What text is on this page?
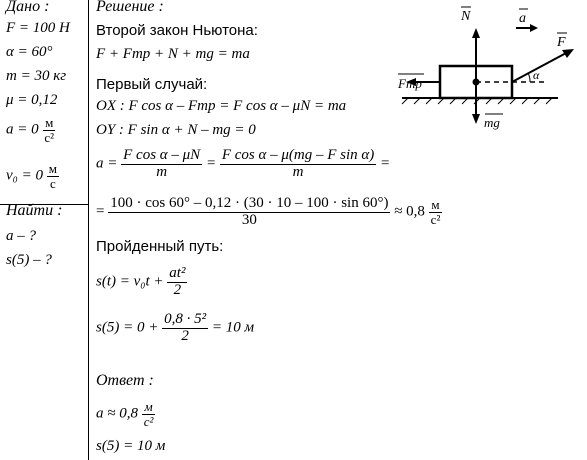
Дано :	Решение :
Найти :
Ответ :
F = 100 Н
α = 60°
m = 30 кг
μ = 0,12
$a = 0 \frac{м}{\text{с²}}$
$v_0 = 0 \frac{м}{с}$
a – ?
s(5) – ?
Второй закон Ньютона:
F + Fтр + N + mg = ma
Первый случай:
OX : F cos α – Fтр = F cos α – μN = ma
OY : F sin α + N – mg = 0
$a = \frac{\text{F cos α – μN}}{m} = \frac{\text{F cos α – μ(mg – F sin α)}}{m}$ =
= $\frac{100 \cdot \cos 60^\circ - 0,12 \cdot (30 \cdot 10 - 100 \cdot \sin 60^\circ)}{30} \approx 0,8 \frac{м}{\text{с²}}$
Пройденный путь:
$s(t) = v_0t + \frac{\text{at²}}{2}$
$s(5) = 0 + \frac{\text{0,8 · 5²}}{2} = 10$ м
$a \approx 0,8 \frac{м}{\text{с²}}$
s(5) = 10 м
N
F
a
α
Fтр
mg
